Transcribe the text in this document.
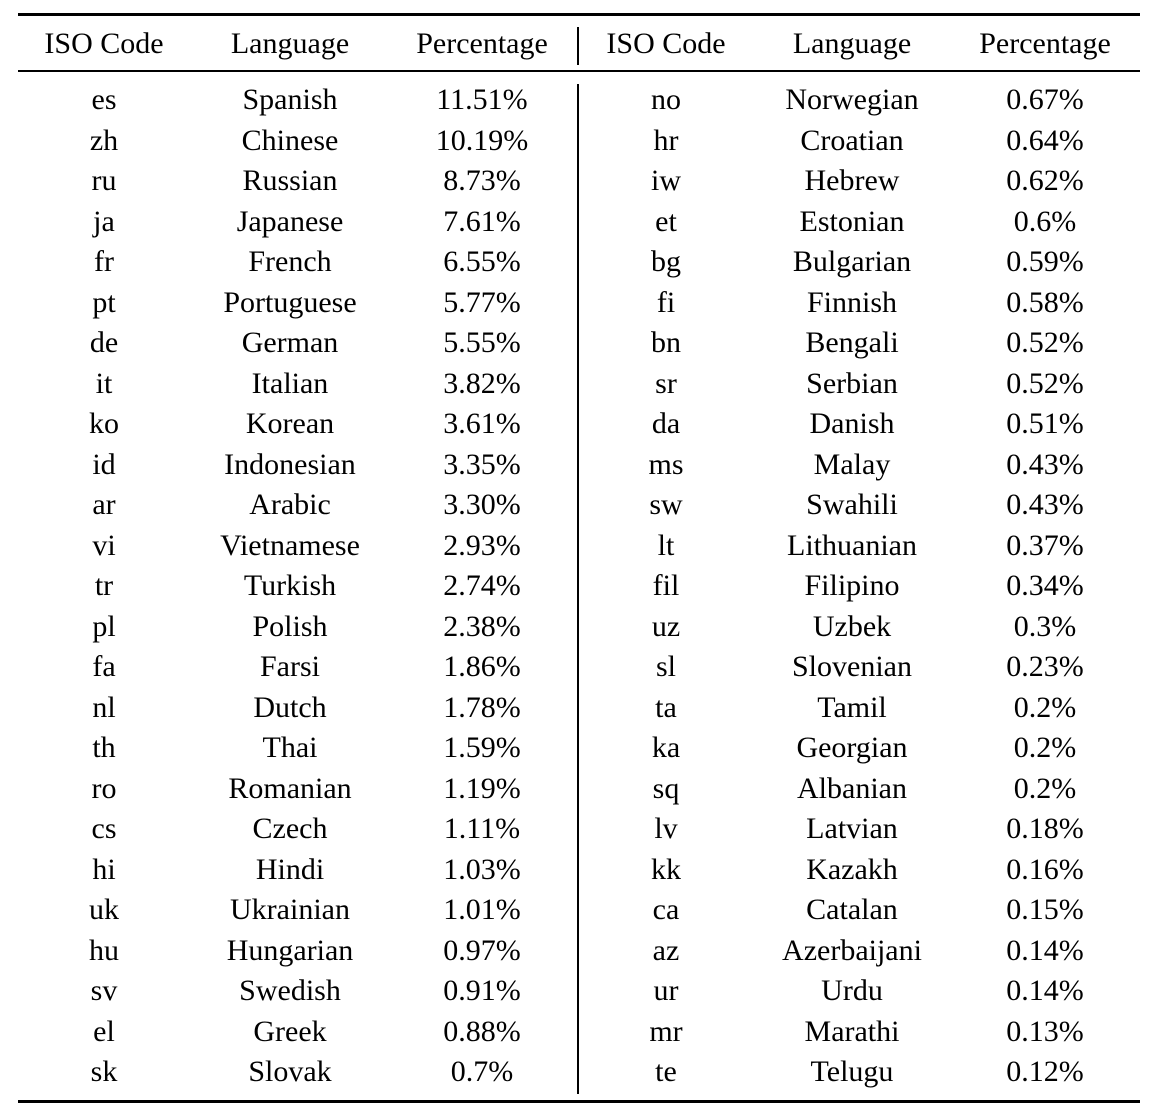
ISO Code	Language	Percentage	ISO Code	Language	Percentage
es	Spanish	11.51%	no	Norwegian	0.67%
zh	Chinese	10.19%	hr	Croatian	0.64%
ru	Russian	8.73%	iw	Hebrew	0.62%
ja	Japanese	7.61%	et	Estonian	0.6%
fr	French	6.55%	bg	Bulgarian	0.59%
pt	Portuguese	5.77%	fi	Finnish	0.58%
de	German	5.55%	bn	Bengali	0.52%
it	Italian	3.82%	sr	Serbian	0.52%
ko	Korean	3.61%	da	Danish	0.51%
id	Indonesian	3.35%	ms	Malay	0.43%
ar	Arabic	3.30%	sw	Swahili	0.43%
vi	Vietnamese	2.93%	lt	Lithuanian	0.37%
tr	Turkish	2.74%	fil	Filipino	0.34%
pl	Polish	2.38%	uz	Uzbek	0.3%
fa	Farsi	1.86%	sl	Slovenian	0.23%
nl	Dutch	1.78%	ta	Tamil	0.2%
th	Thai	1.59%	ka	Georgian	0.2%
ro	Romanian	1.19%	sq	Albanian	0.2%
cs	Czech	1.11%	lv	Latvian	0.18%
hi	Hindi	1.03%	kk	Kazakh	0.16%
uk	Ukrainian	1.01%	ca	Catalan	0.15%
hu	Hungarian	0.97%	az	Azerbaijani	0.14%
sv	Swedish	0.91%	ur	Urdu	0.14%
el	Greek	0.88%	mr	Marathi	0.13%
sk	Slovak	0.7%	te	Telugu	0.12%
